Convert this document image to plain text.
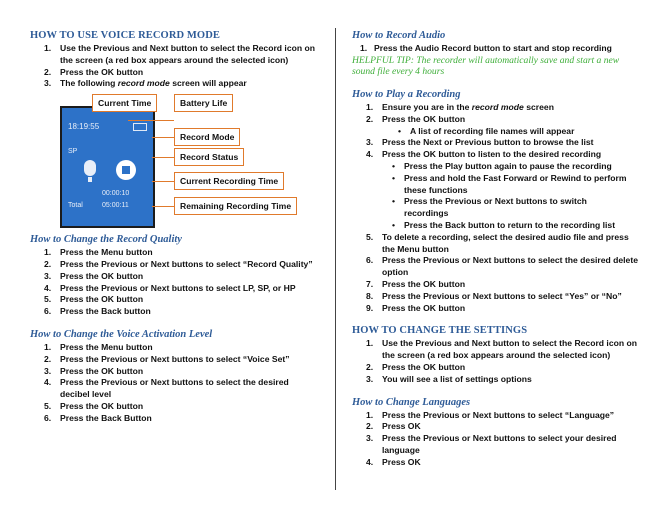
HOW TO USE VOICE RECORD MODE
1. Use the Previous and Next button to select the Record icon on
the screen (a red box appears around the selected icon)
2. Press the OK button
3. The following record mode screen will appear
18:19:55
SP
00:00:10
Total	05:00:11
Current Time	Battery Life
Record Mode
Record Status
Current Recording Time
Remaining Recording Time
How to Change the Record Quality
1. Press the Menu button
2. Press the Previous or Next buttons to select “Record Quality”
3. Press the OK button
4. Press the Previous or Next buttons to select LP, SP, or HP
5. Press the OK button
6. Press the Back button
How to Change the Voice Activation Level
1. Press the Menu button
2. Press the Previous or Next buttons to select “Voice Set”
3. Press the OK button
4. Press the Previous or Next buttons to select the desired
decibel level
5. Press the OK button
6. Press the Back Button
How to Record Audio
1. Press the Audio Record button to start and stop recording
HELPFUL TIP: The recorder will automatically save and start a new
sound file every 4 hours
How to Play a Recording
1. Ensure you are in the record mode screen
2. Press the OK button
• A list of recording file names will appear
3. Press the Next or Previous button to browse the list
4. Press the OK button to listen to the desired recording
• Press the Play button again to pause the recording
• Press and hold the Fast Forward or Rewind to perform
these functions
• Press the Previous or Next buttons to switch
recordings
• Press the Back button to return to the recording list
5. To delete a recording, select the desired audio file and press
the Menu button
6. Press the Previous or Next buttons to select the desired delete
option
7. Press the OK button
8. Press the Previous or Next buttons to select “Yes” or “No”
9. Press the OK button
HOW TO CHANGE THE SETTINGS
1. Use the Previous and Next button to select the Record icon on
the screen (a red box appears around the selected icon)
2. Press the OK button
3. You will see a list of settings options
How to Change Languages
1. Press the Previous or Next buttons to select “Language”
2. Press OK
3. Press the Previous or Next buttons to select your desired
language
4. Press OK
